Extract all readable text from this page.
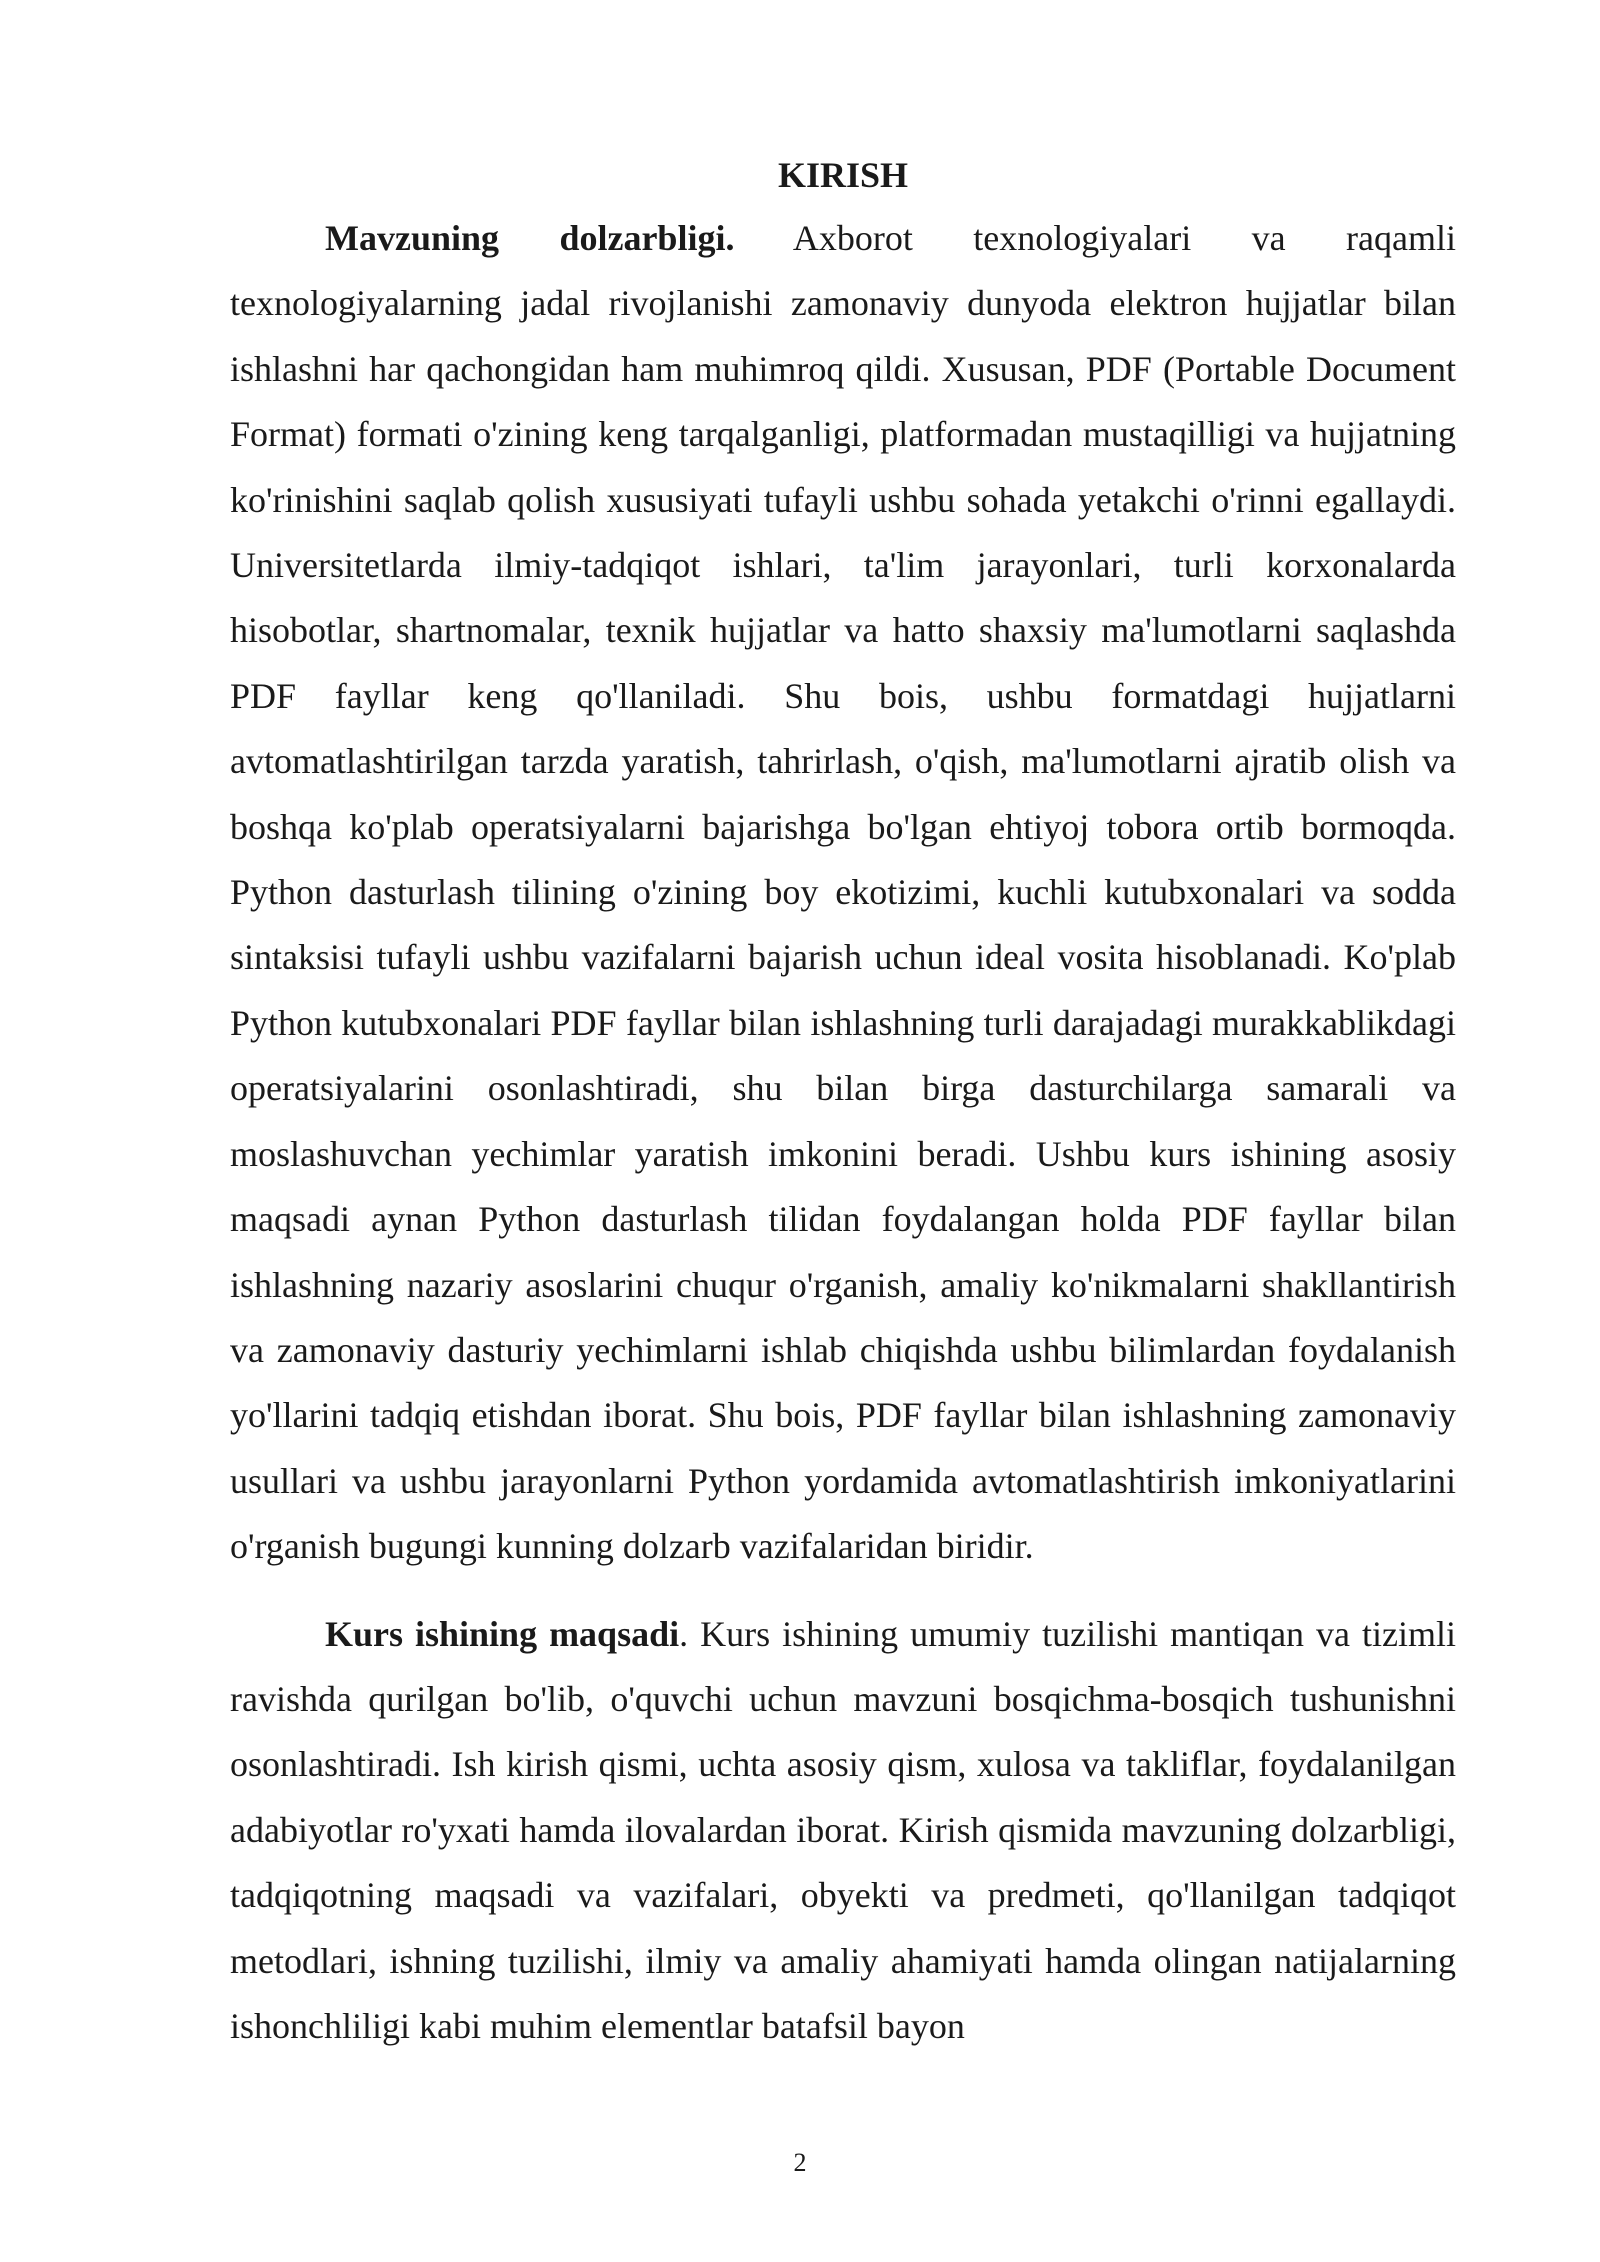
KIRISH

Mavzuning dolzarbligi. Axborot texnologiyalari va raqamli texnologiyalarning jadal rivojlanishi zamonaviy dunyoda elektron hujjatlar bilan ishlashni har qachongidan ham muhimroq qildi. Xususan, PDF (Portable Document Format) formati o'zining keng tarqalganligi, platformadan mustaqilligi va hujjatning ko'rinishini saqlab qolish xususiyati tufayli ushbu sohada yetakchi o'rinni egallaydi. Universitetlarda ilmiy-tadqiqot ishlari, ta'lim jarayonlari, turli korxonalarda hisobotlar, shartnomalar, texnik hujjatlar va hatto shaxsiy ma'lumotlarni saqlashda PDF fayllar keng qo'llaniladi. Shu bois, ushbu formatdagi hujjatlarni avtomatlashtirilgan tarzda yaratish, tahrirlash, o'qish, ma'lumotlarni ajratib olish va boshqa ko'plab operatsiyalarni bajarishga bo'lgan ehtiyoj tobora ortib bormoqda. Python dasturlash tilining o'zining boy ekotizimi, kuchli kutubxonalari va sodda sintaksisi tufayli ushbu vazifalarni bajarish uchun ideal vosita hisoblanadi. Ko'plab Python kutubxonalari PDF fayllar bilan ishlashning turli darajadagi murakkablikdagi operatsiyalarini osonlashtiradi, shu bilan birga dasturchilarga samarali va moslashuvchan yechimlar yaratish imkonini beradi. Ushbu kurs ishining asosiy maqsadi aynan Python dasturlash tilidan foydalangan holda PDF fayllar bilan ishlashning nazariy asoslarini chuqur o'rganish, amaliy ko'nikmalarni shakllantirish va zamonaviy dasturiy yechimlarni ishlab chiqishda ushbu bilimlardan foydalanish yo'llarini tadqiq etishdan iborat. Shu bois, PDF fayllar bilan ishlashning zamonaviy usullari va ushbu jarayonlarni Python yordamida avtomatlashtirish imkoniyatlarini o'rganish bugungi kunning dolzarb vazifalaridan biridir.

Kurs ishining maqsadi. Kurs ishining umumiy tuzilishi mantiqan va tizimli ravishda qurilgan bo'lib, o'quvchi uchun mavzuni bosqichma-bosqich tushunishni osonlashtiradi. Ish kirish qismi, uchta asosiy qism, xulosa va takliflar, foydalanilgan adabiyotlar ro'yxati hamda ilovalardan iborat. Kirish qismida mavzuning dolzarbligi, tadqiqotning maqsadi va vazifalari, obyekti va predmeti, qo'llanilgan tadqiqot metodlari, ishning tuzilishi, ilmiy va amaliy ahamiyati hamda olingan natijalarning ishonchliligi kabi muhim elementlar batafsil bayon

2
